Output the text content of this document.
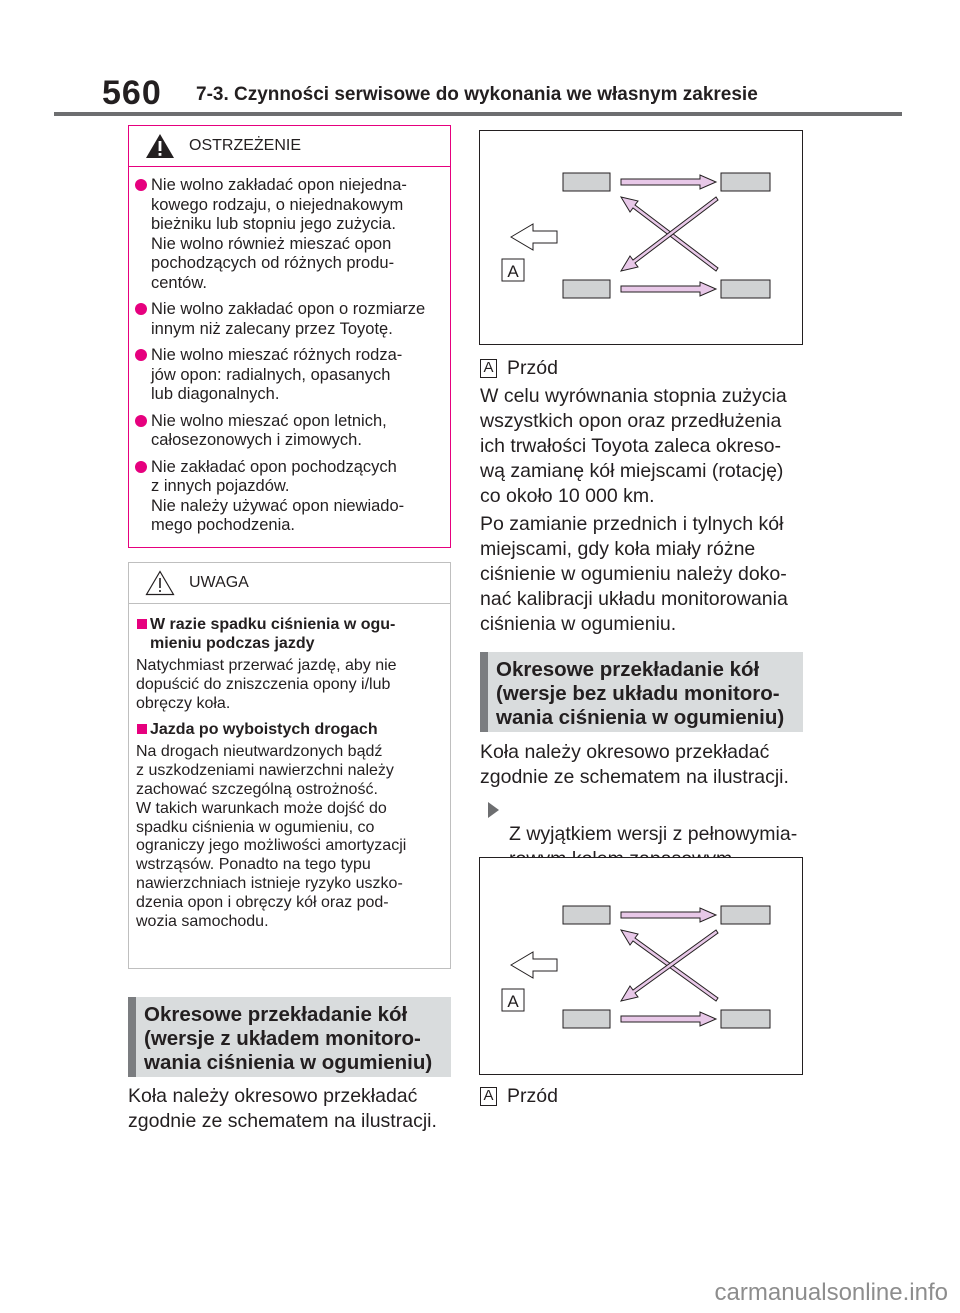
560 7-3. Czynności serwisowe do wykonania we własnym zakresie
OSTRZEŻENIE
Nie wolno zakładać opon niejedna-
kowego rodzaju, o niejednakowym
bieżniku lub stopniu jego zużycia.
Nie wolno również mieszać opon
pochodzących od różnych produ-
centów.
Nie wolno zakładać opon o rozmiarze
innym niż zalecany przez Toyotę.
Nie wolno mieszać różnych rodza-
jów opon: radialnych, opasanych
lub diagonalnych.
Nie wolno mieszać opon letnich,
całosezonowych i zimowych.
Nie zakładać opon pochodzących
z innych pojazdów.
Nie należy używać opon niewiado-
mego pochodzenia.
UWAGA
W razie spadku ciśnienia w ogu-
mieniu podczas jazdy
Natychmiast przerwać jazdę, aby nie
dopuścić do zniszczenia opony i/lub
obręczy koła.
Jazda po wyboistych drogach
Na drogach nieutwardzonych bądź
z uszkodzeniami nawierzchni należy
zachować szczególną ostrożność.
W takich warunkach może dojść do
spadku ciśnienia w ogumieniu, co
ograniczy jego możliwości amortyzacji
wstrząsów. Ponadto na tego typu
nawierzchniach istnieje ryzyko uszko-
dzenia opon i obręczy kół oraz pod-
wozia samochodu.
Okresowe przekładanie kół
(wersje z układem monitoro-
wania ciśnienia w ogumieniu)
Koła należy okresowo przekładać
zgodnie ze schematem na ilustracji.
A
A Przód
W celu wyrównania stopnia zużycia
wszystkich opon oraz przedłużenia
ich trwałości Toyota zaleca okreso-
wą zamianę kół miejscami (rotację)
co około 10 000 km.
Po zamianie przednich i tylnych kół
miejscami, gdy koła miały różne
ciśnienie w ogumieniu należy doko-
nać kalibracji układu monitorowania
ciśnienia w ogumieniu.
Okresowe przekładanie kół
(wersje bez układu monitoro-
wania ciśnienia w ogumieniu)
Koła należy okresowo przekładać
zgodnie ze schematem na ilustracji.

Z wyjątkiem wersji z pełnowymia-

A
A Przód
carmanualsonline.info
